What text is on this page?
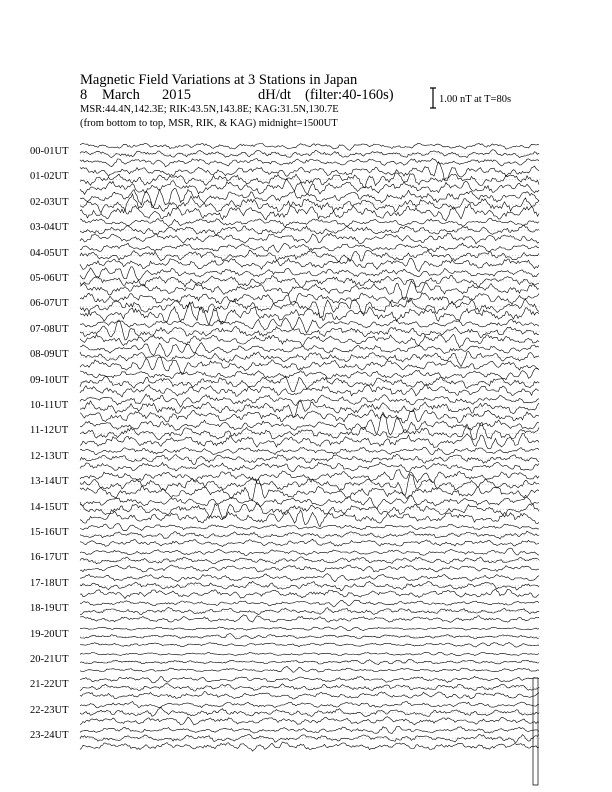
Magnetic Field Variations at 3 Stations in Japan
8 March 2015	dH/dt (filter:40-160s)
MSR:44.4N,142.3E; RIK:43.5N,143.8E; KAG:31.5N,130.7E
(from bottom to top, MSR, RIK, & KAG) midnight=1500UT
1.00 nT at T=80s
00-01UT
01-02UT
02-03UT
03-04UT
04-05UT
05-06UT
06-07UT
07-08UT
08-09UT
09-10UT
10-11UT
11-12UT
12-13UT
13-14UT
14-15UT
15-16UT
16-17UT
17-18UT
18-19UT
19-20UT
20-21UT
21-22UT
22-23UT
23-24UT
